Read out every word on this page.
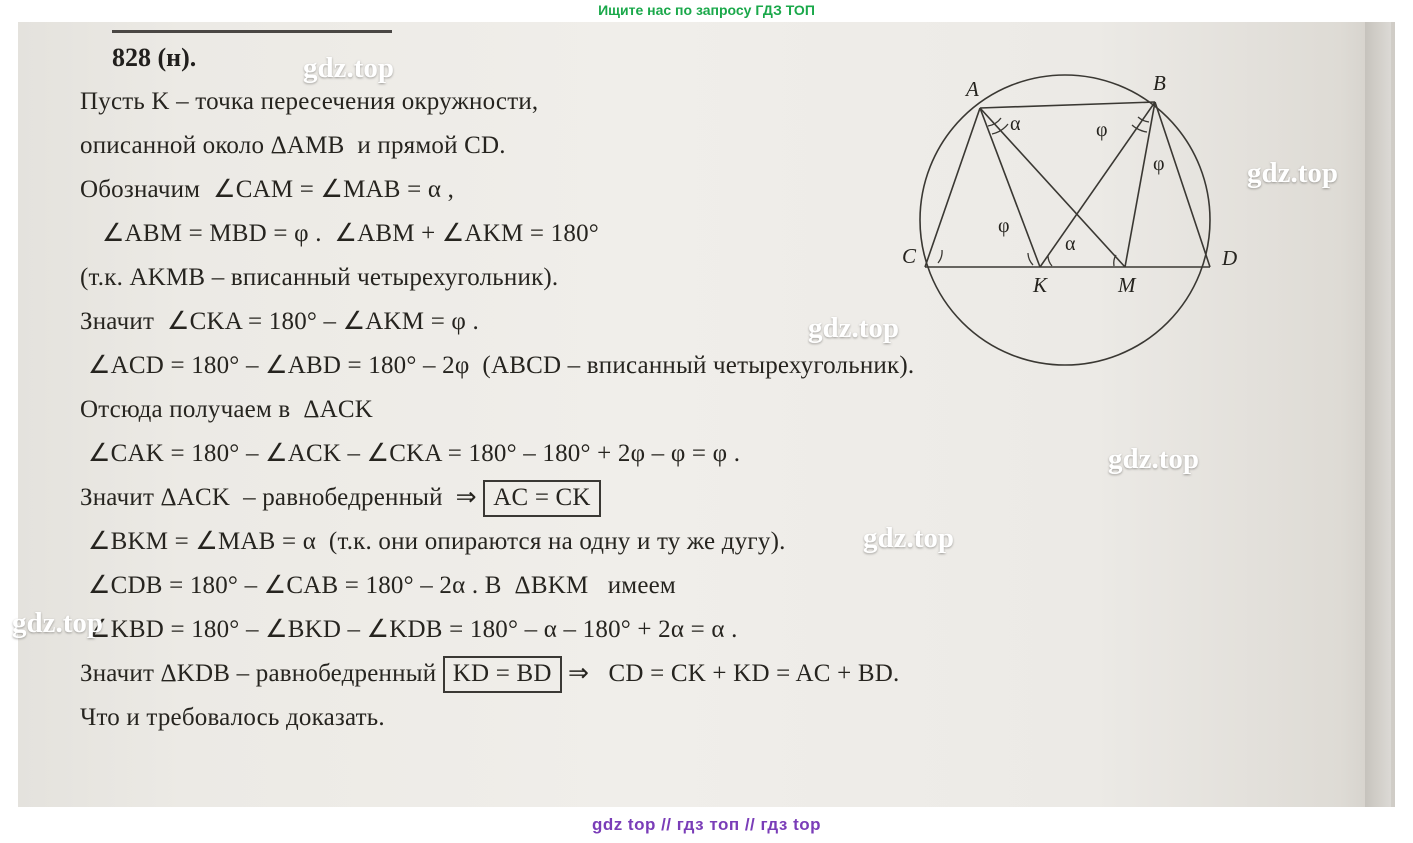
Ищите нас по запросу ГДЗ ТОП
828 (н).
Пусть K – точка пересечения окружности,
описанной около ΔAMB  и прямой CD.
Обозначим  ∠CAM = ∠MAB = α ,
∠ABM = MBD = φ .  ∠ABM + ∠AKM = 180°
(т.к. AKMB – вписанный четырехугольник).
Значит  ∠CKA = 180° – ∠AKM = φ .
∠ACD = 180° – ∠ABD = 180° – 2φ  (ABCD – вписанный четырехугольник).
Отсюда получаем в  ΔACK
∠CAK = 180° – ∠ACK – ∠CKA = 180° – 180° + 2φ – φ = φ .
Значит ΔACK  – равнобедренный  ⇒ AC = CK
∠BKM = ∠MAB = α  (т.к. они опираются на одну и ту же дугу).
∠CDB = 180° – ∠CAB = 180° – 2α . В  ΔBKM   имеем
∠KBD = 180° – ∠BKD – ∠KDB = 180° – α – 180° + 2α = α .
Значит ΔKDB – равнобедренный KD = BD ⇒   CD = CK + KD = AC + BD.
Что и требовалось доказать.
A	B
C	D
K	M
α	φ
φ
φ
α
gdz top // гдз топ // гдз top
gdz.top
gdz.top
gdz.top
gdz.top
gdz.top
gdz.top
